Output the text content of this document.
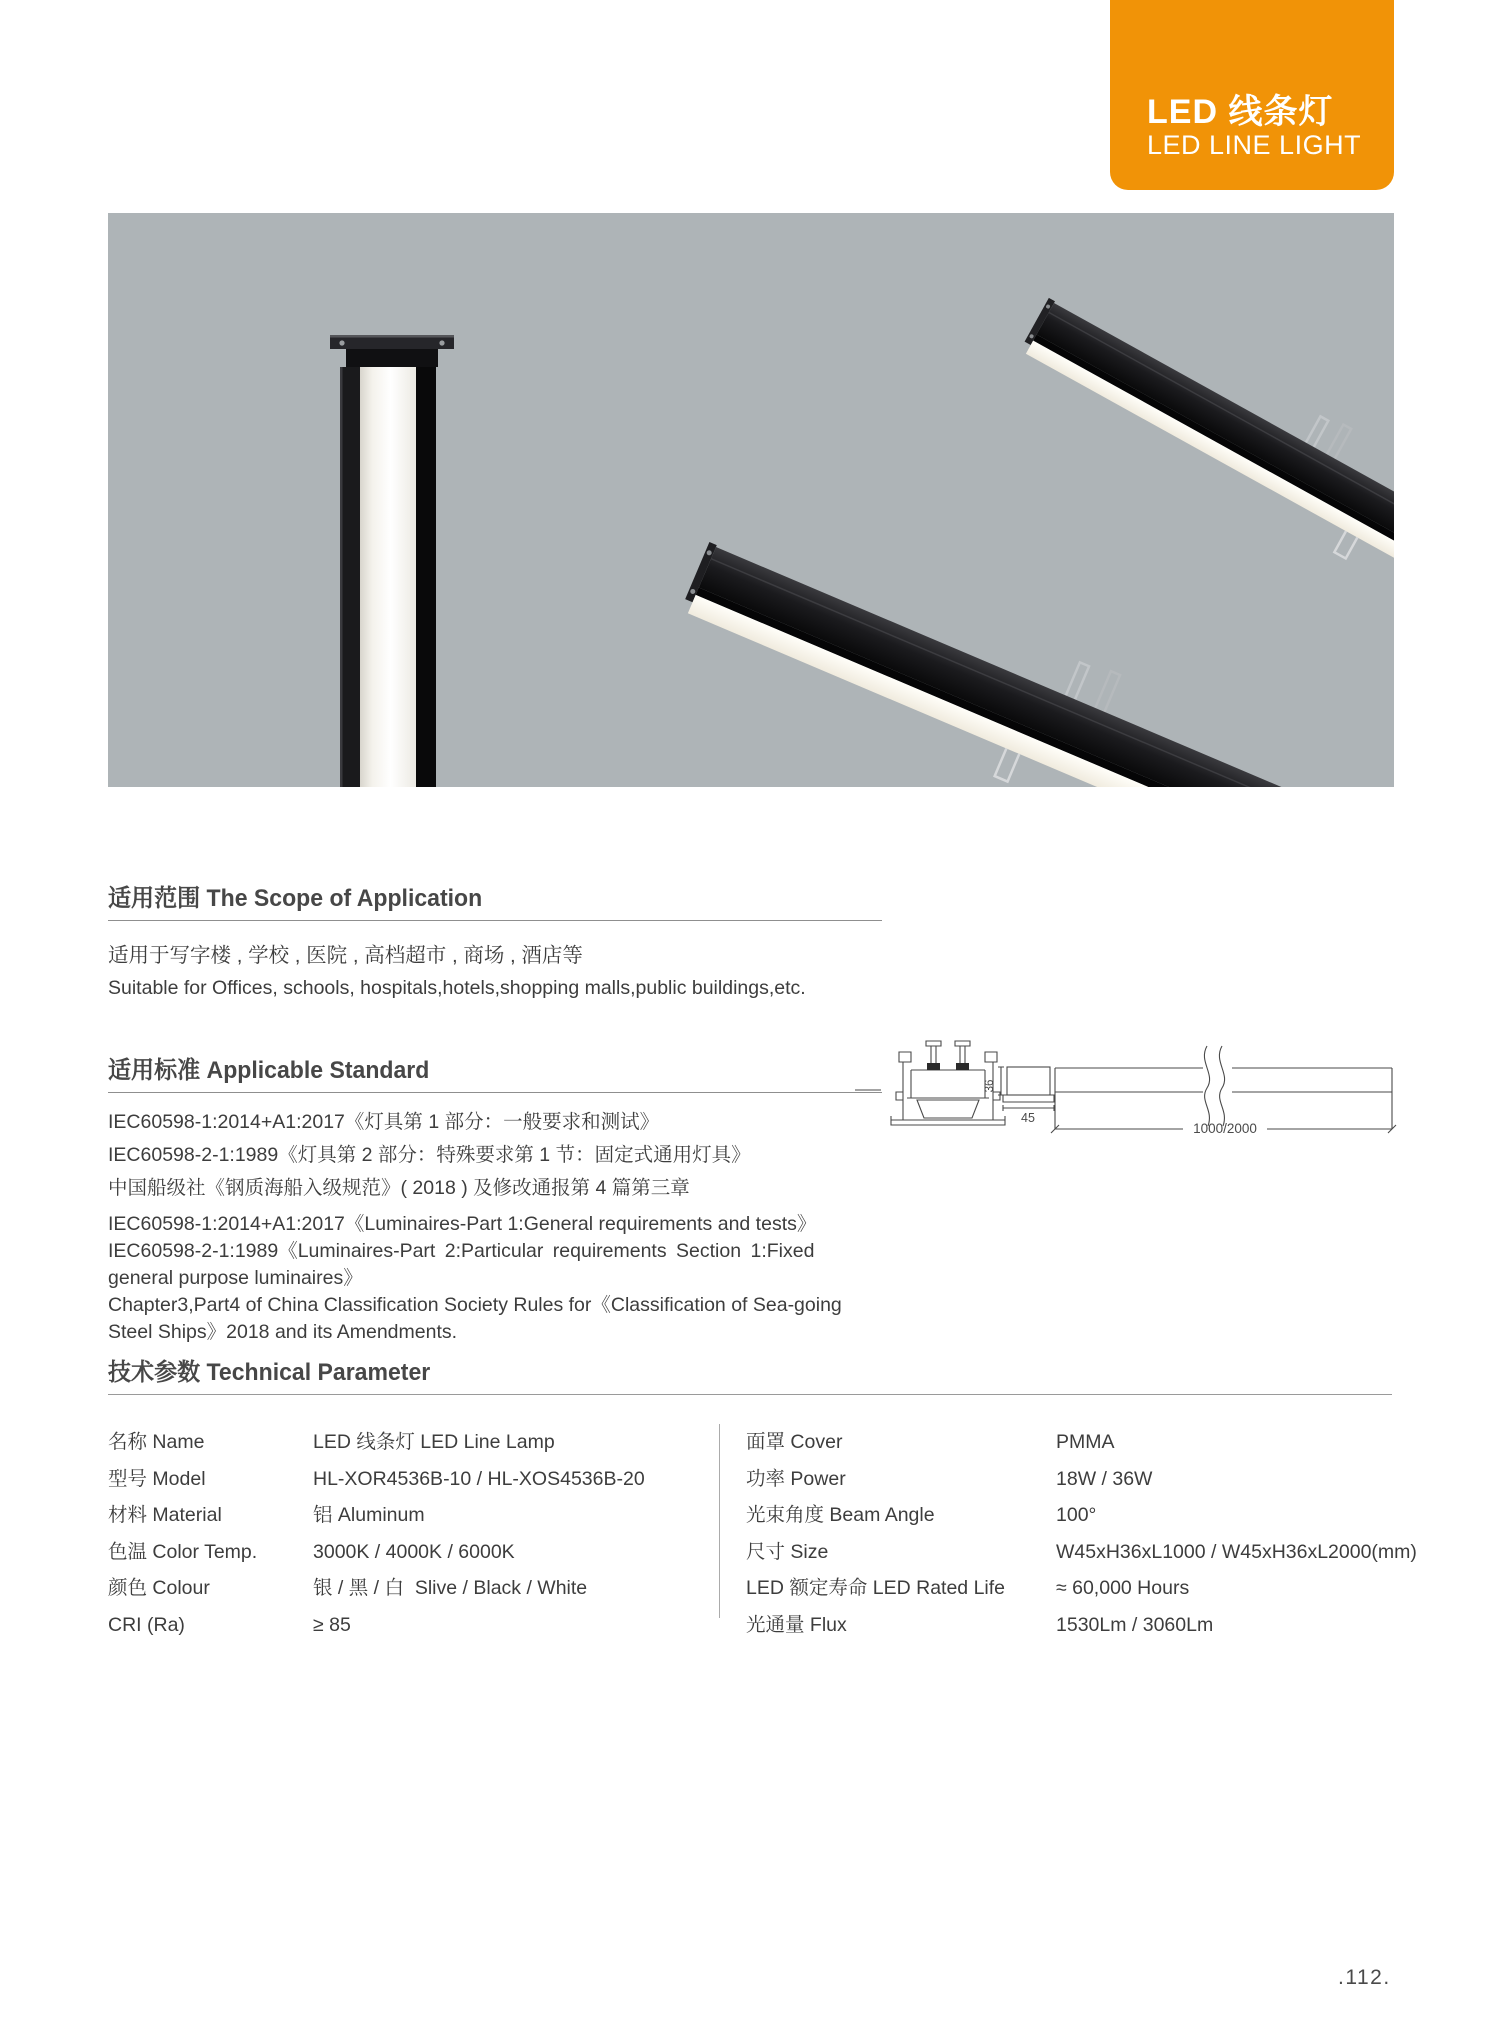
LED 线条灯
LED LINE LIGHT
适用范围 The Scope of Application

适用于写字楼 , 学校 , 医院 , 高档超市 , 商场 , 酒店等

Suitable for Offices, schools, hospitals,hotels,shopping malls,public buildings,etc.

适用标准 Applicable Standard

IEC60598-1:2014+A1:2017《灯具第 1 部分：一般要求和测试》

IEC60598-2-1:1989《灯具第 2 部分：特殊要求第 1 节：固定式通用灯具》

中国船级社《钢质海船入级规范》( 2018 ) 及修改通报第 4 篇第三章

IEC60598-1:2014+A1:2017《Luminaires-Part 1:General requirements and tests》

IEC60598-2-1:1989《Luminaires-Part 2:Particular requirements Section 1:Fixed

general purpose luminaires》

Chapter3,Part4 of China Classification Society Rules for《Classification of Sea-going

Steel Ships》2018 and its Amendments.

36
45
1000/2000
技术参数 Technical Parameter
名称 Name	LED 线条灯 LED Line Lamp
型号 Model	HL-XOR4536B-10 / HL-XOS4536B-20
材料 Material	铝 Aluminum
色温 Color Temp.	3000K / 4000K / 6000K
颜色 Colour	银 / 黑 / 白  Slive / Black / White
CRI (Ra)	≥ 85
面罩 Cover	PMMA
功率 Power	18W / 36W
光束角度 Beam Angle	100°
尺寸 Size	W45xH36xL1000 / W45xH36xL2000(mm)
LED 额定寿命 LED Rated Life	≈ 60,000 Hours
光通量 Flux	1530Lm / 3060Lm
.112.
